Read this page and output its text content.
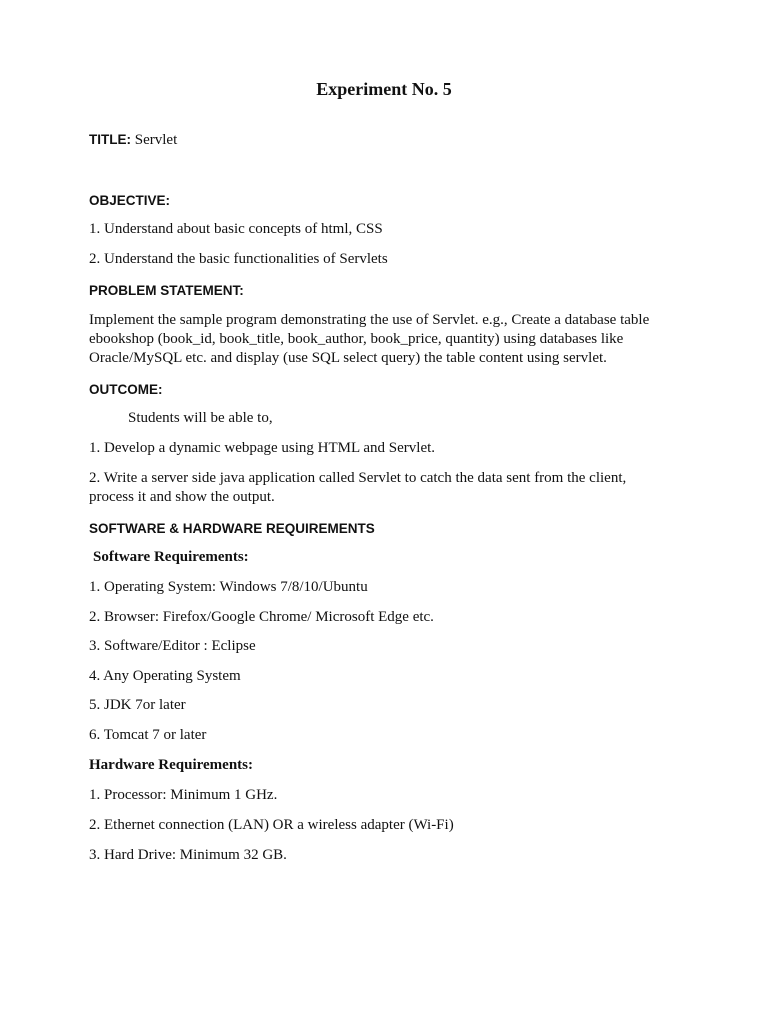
Experiment No. 5

TITLE: Servlet

OBJECTIVE:

1. Understand about basic concepts of html, CSS

2. Understand the basic functionalities of Servlets

PROBLEM STATEMENT:

Implement the sample program demonstrating the use of Servlet. e.g., Create a database table

ebookshop (book_id, book_title, book_author, book_price, quantity) using databases like

Oracle/MySQL etc. and display (use SQL select query) the table content using servlet.

OUTCOME:

Students will be able to,

1. Develop a dynamic webpage using HTML and Servlet.

2. Write a server side java application called Servlet to catch the data sent from the client,

process it and show the output.

SOFTWARE & HARDWARE REQUIREMENTS

Software Requirements:

1. Operating System: Windows 7/8/10/Ubuntu

2. Browser: Firefox/Google Chrome/ Microsoft Edge etc.

3. Software/Editor : Eclipse

4. Any Operating System

5. JDK 7or later

6. Tomcat 7 or later

Hardware Requirements:

1. Processor: Minimum 1 GHz.

2. Ethernet connection (LAN) OR a wireless adapter (Wi-Fi)

3. Hard Drive: Minimum 32 GB.
